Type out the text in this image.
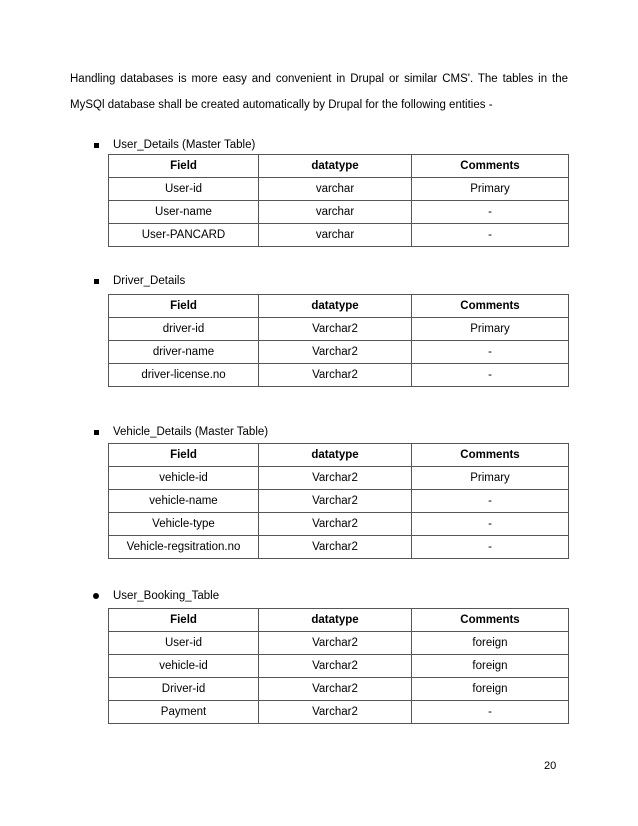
Handling databases is more easy and convenient in Drupal or similar CMS'. The tables in the MySQl database shall be created automatically by Drupal for the following entities -

User_Details (Master Table)
Field	datatype	Comments
User-id	varchar	Primary
User-name	varchar	-
User-PANCARD	varchar	-
Driver_Details
Field	datatype	Comments
driver-id	Varchar2	Primary
driver-name	Varchar2	-
driver-license.no	Varchar2	-
Vehicle_Details (Master Table)
Field	datatype	Comments
vehicle-id	Varchar2	Primary
vehicle-name	Varchar2	-
Vehicle-type	Varchar2	-
Vehicle-regsitration.no	Varchar2	-
User_Booking_Table
Field	datatype	Comments
User-id	Varchar2	foreign
vehicle-id	Varchar2	foreign
Driver-id	Varchar2	foreign
Payment	Varchar2	-
20
